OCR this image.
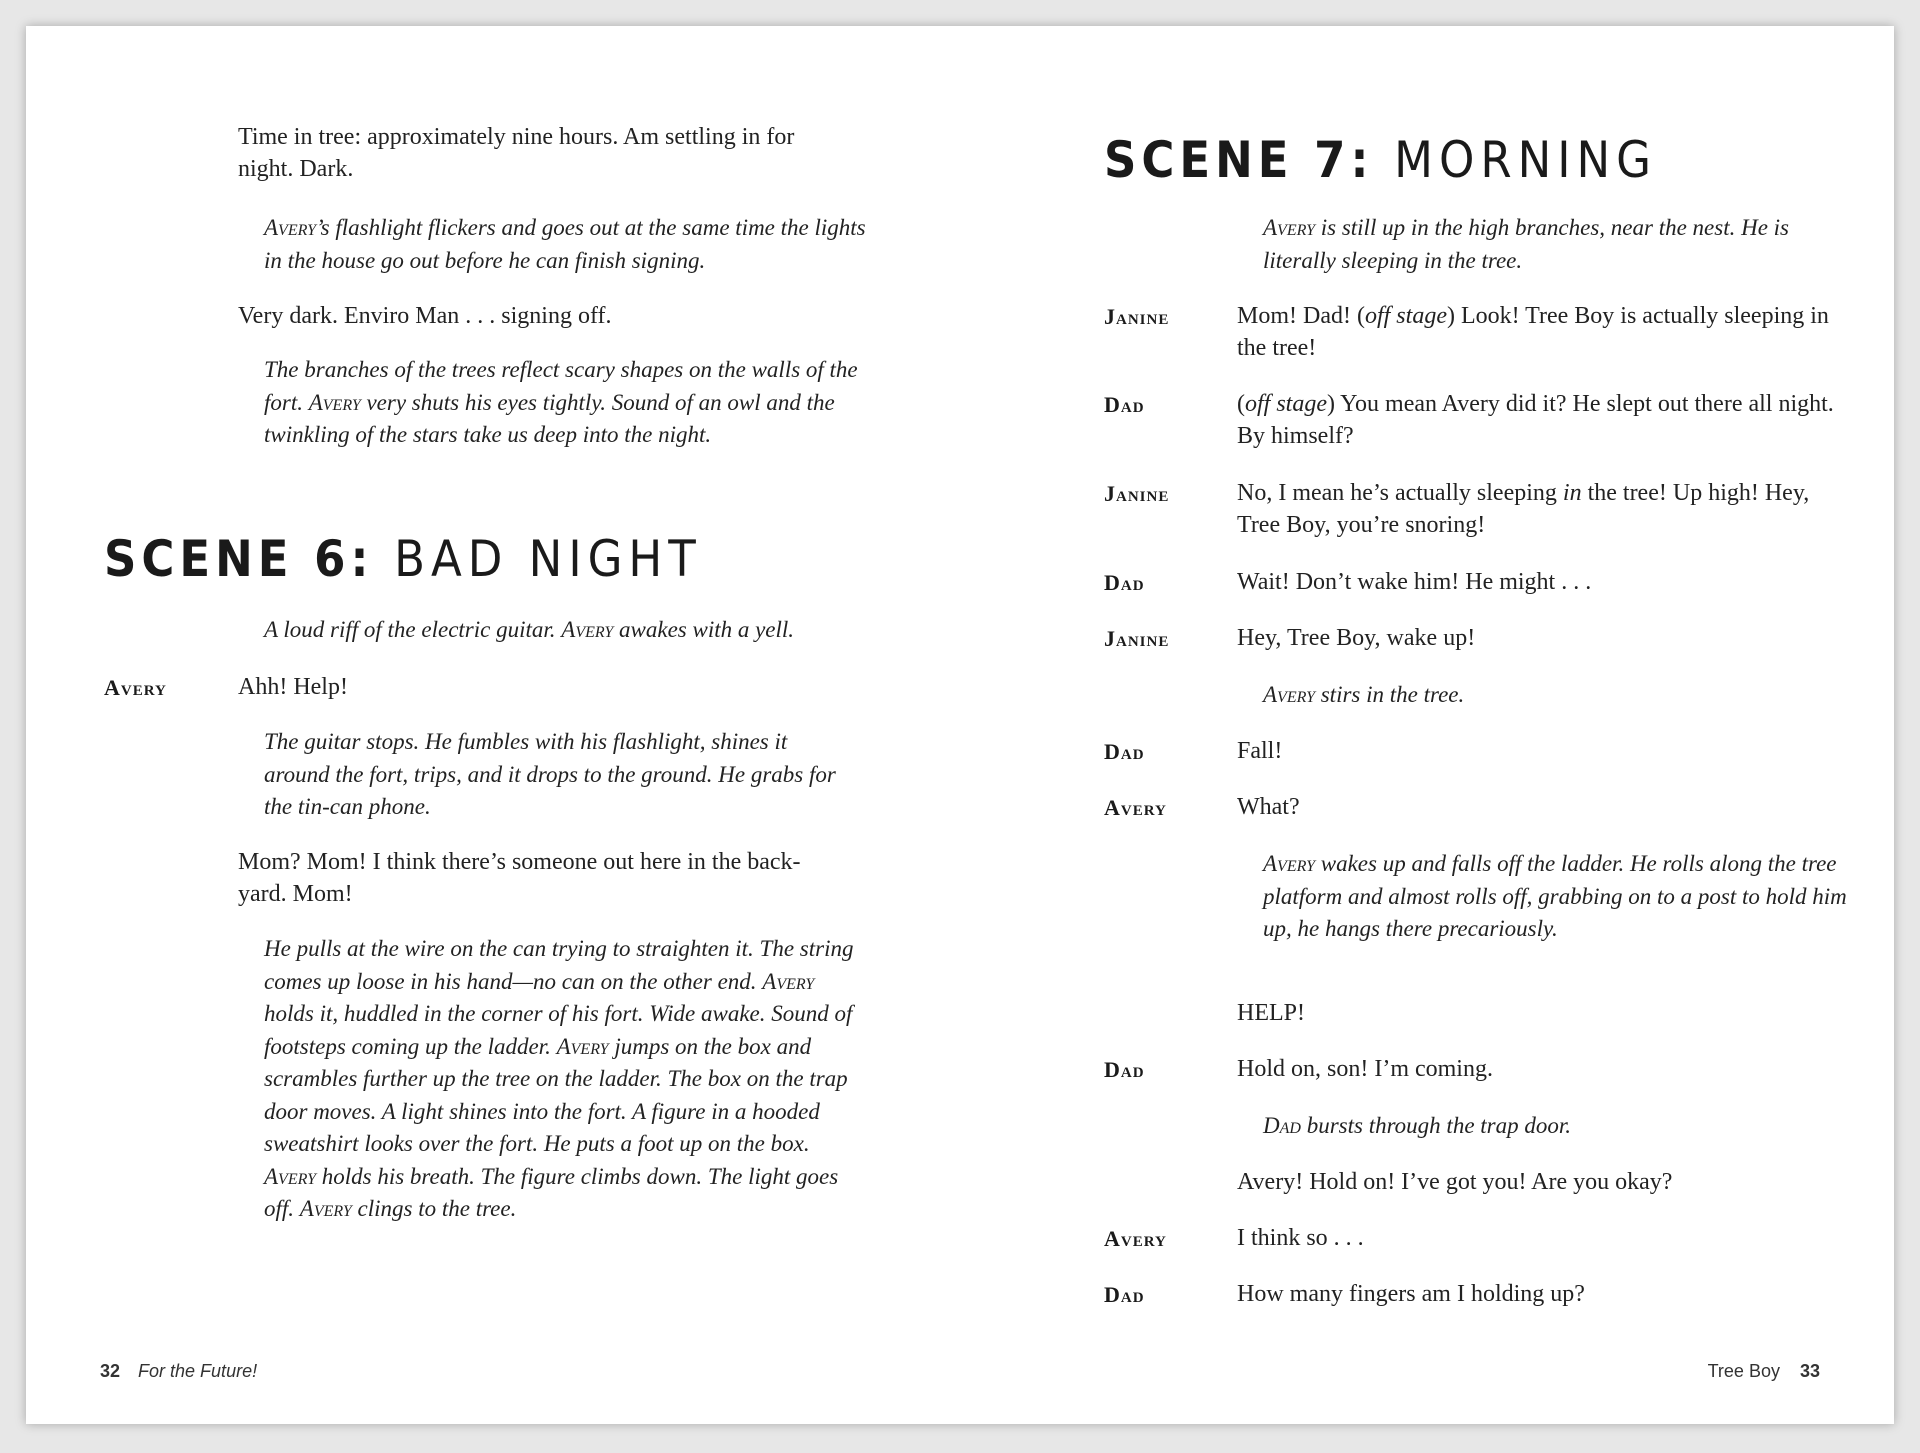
Time in tree: approximately nine hours. Am settling in for night. Dark.

Avery’s flashlight flickers and goes out at the same time the lights in the house go out before he can finish signing.

Very dark. Enviro Man . . . signing off.

The branches of the trees reflect scary shapes on the walls of the fort. Avery very shuts his eyes tightly. Sound of an owl and the twinkling of the stars take us deep into the night.

SCENE 6: BAD NIGHT

A loud riff of the electric guitar. Avery awakes with a yell.

Avery	Ahh! Help!

The guitar stops. He fumbles with his flashlight, shines it around the fort, trips, and it drops to the ground. He grabs for the tin-can phone.

Mom? Mom! I think there’s someone out here in the back-yard. Mom!

He pulls at the wire on the can trying to straighten it. The string comes up loose in his hand—no can on the other end. Avery holds it, huddled in the corner of his fort. Wide awake. Sound of footsteps coming up the ladder. Avery jumps on the box and scrambles further up the tree on the ladder. The box on the trap door moves. A light shines into the fort. A figure in a hooded sweatshirt looks over the fort. He puts a foot up on the box. Avery holds his breath. The figure climbs down. The light goes off. Avery clings to the tree.

32 For the Future!
SCENE 7: MORNING

Avery is still up in the high branches, near the nest. He is literally sleeping in the tree.

Janine	Mom! Dad! (off stage) Look! Tree Boy is actually sleeping in the tree!

Dad	(off stage) You mean Avery did it? He slept out there all night. By himself?

Janine	No, I mean he’s actually sleeping in the tree! Up high! Hey, Tree Boy, you’re snoring!

Dad	Wait! Don’t wake him! He might . . .

Janine	Hey, Tree Boy, wake up!

Avery stirs in the tree.

Dad	Fall!

Avery	What?

Avery wakes up and falls off the ladder. He rolls along the tree platform and almost rolls off, grabbing on to a post to hold him up, he hangs there precariously.

HELP!

Dad	Hold on, son! I’m coming.

Dad bursts through the trap door.

Avery! Hold on! I’ve got you! Are you okay?

Avery	I think so . . .

Dad	How many fingers am I holding up?

Tree Boy 33
